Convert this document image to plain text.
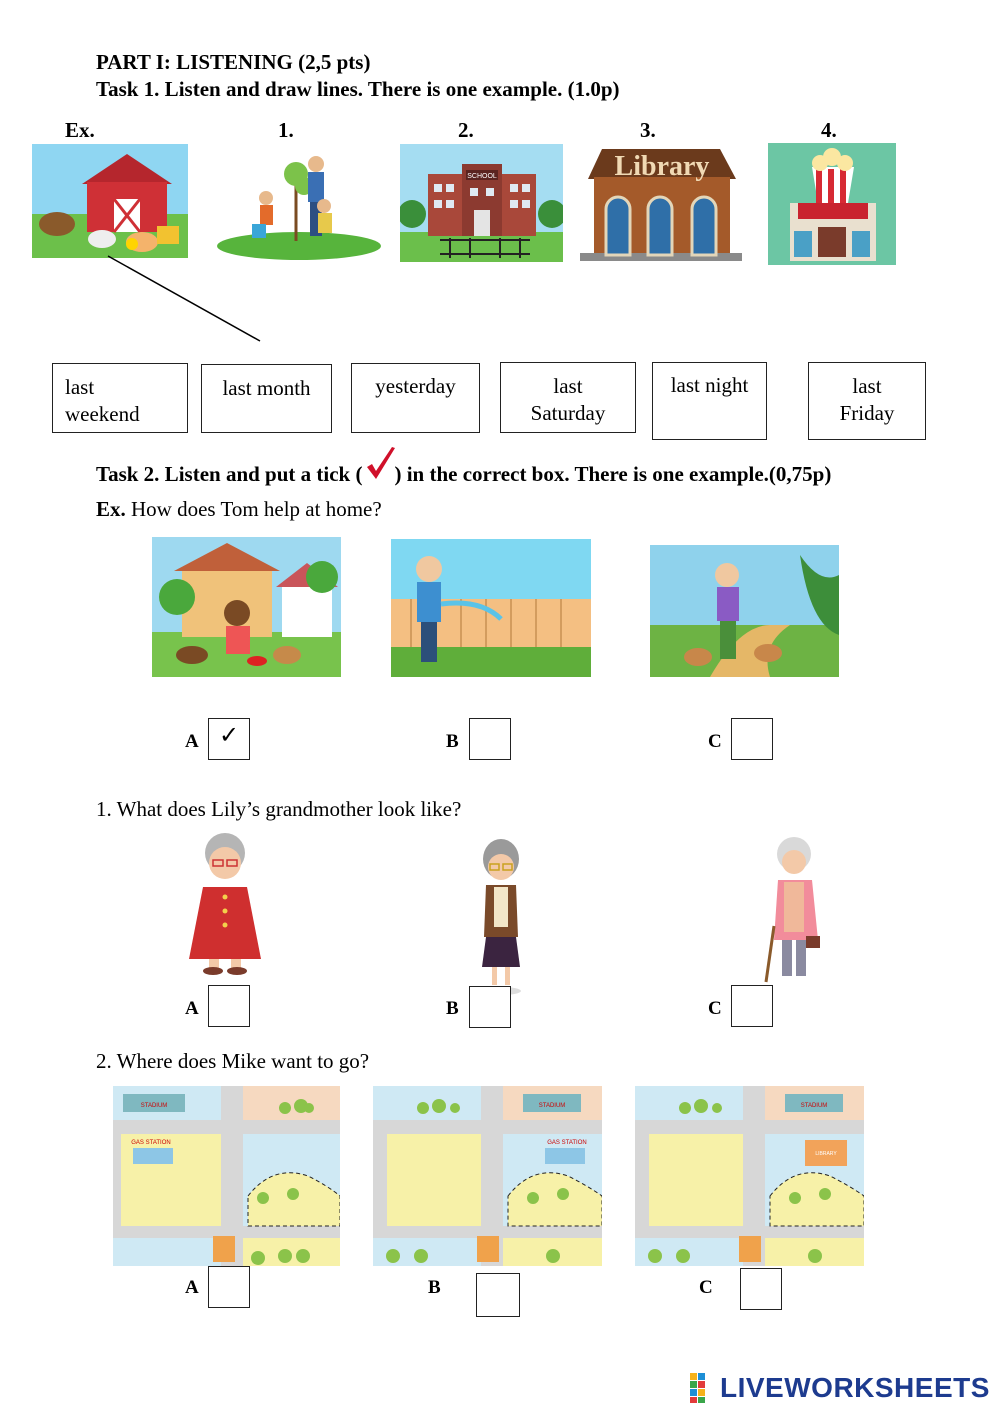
PART I: LISTENING (2,5 pts)
Task 1. Listen and draw lines. There is one example. (1.0p)
Ex.	1.	2.	3.	4.
SCHOOL	Library
last
weekend
last month	yesterday	last
Saturday
last night	last
Friday
Task 2. Listen and put a tick ( ) in the correct box. There is one example.(0,75p)
Ex. How does Tom help at home?
A ✓	B	C
1. What does Lily’s grandmother look like?
A	B	C
2. Where does Mike want to go?
STADIUM
GAS STATION
A
STADIUM
GAS STATION
B
STADIUM
LIBRARY
C
LIVEWORKSHEETS
